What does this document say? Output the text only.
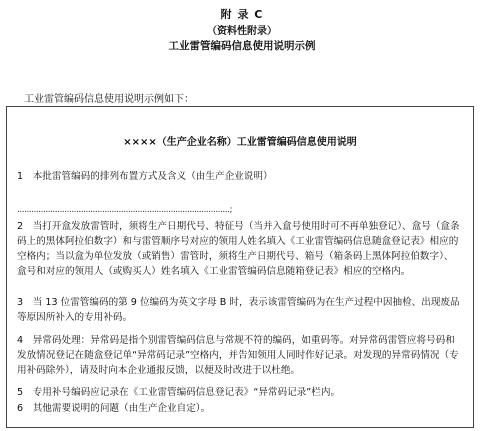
附 录 C
（资料性附录）
工业雷管编码信息使用说明示例
工业雷管编码信息使用说明示例如下：
××××（生产企业名称）工业雷管编码信息使用说明
1　本批雷管编码的排列布置方式及含义（由生产企业说明）
..........................................................................................;
2　当打开盒发放雷管时，须将生产日期代号、特征号（当并入盒号使用时可不再单独登记）、盒号（盒条码上的黑体阿拉伯数字）和与雷管顺序号对应的领用人姓名填入《工业雷管编码信息随盒登记表》相应的空格内；当以盒为单位发放（或销售）雷管时，须将生产日期代号、箱号（箱条码上黑体阿拉伯数字）、盒号和对应的领用人（或购买人）姓名填入《工业雷管编码信息随箱登记表》相应的空格内。
3　当 13 位雷管编码的第 9 位编码为英文字母 B 时，表示该雷管编码为在生产过程中因抽检、出现废品等原因所补入的专用补码。
4　异常码处理：异常码是指个别雷管编码信息与常规不符的编码，如重码等。对异常码雷管应将号码和发放情况登记在随盒登记单“异常码记录”空格内，并告知领用人同时作好记录。对发现的异常码情况（专用补码除外），请及时向本企业通报反馈，以便及时改进于以杜绝。
5　专用补号编码应记录在《工业雷管编码信息登记表》“异常码记录”栏内。
6　其他需要说明的问题（由生产企业自定）。
